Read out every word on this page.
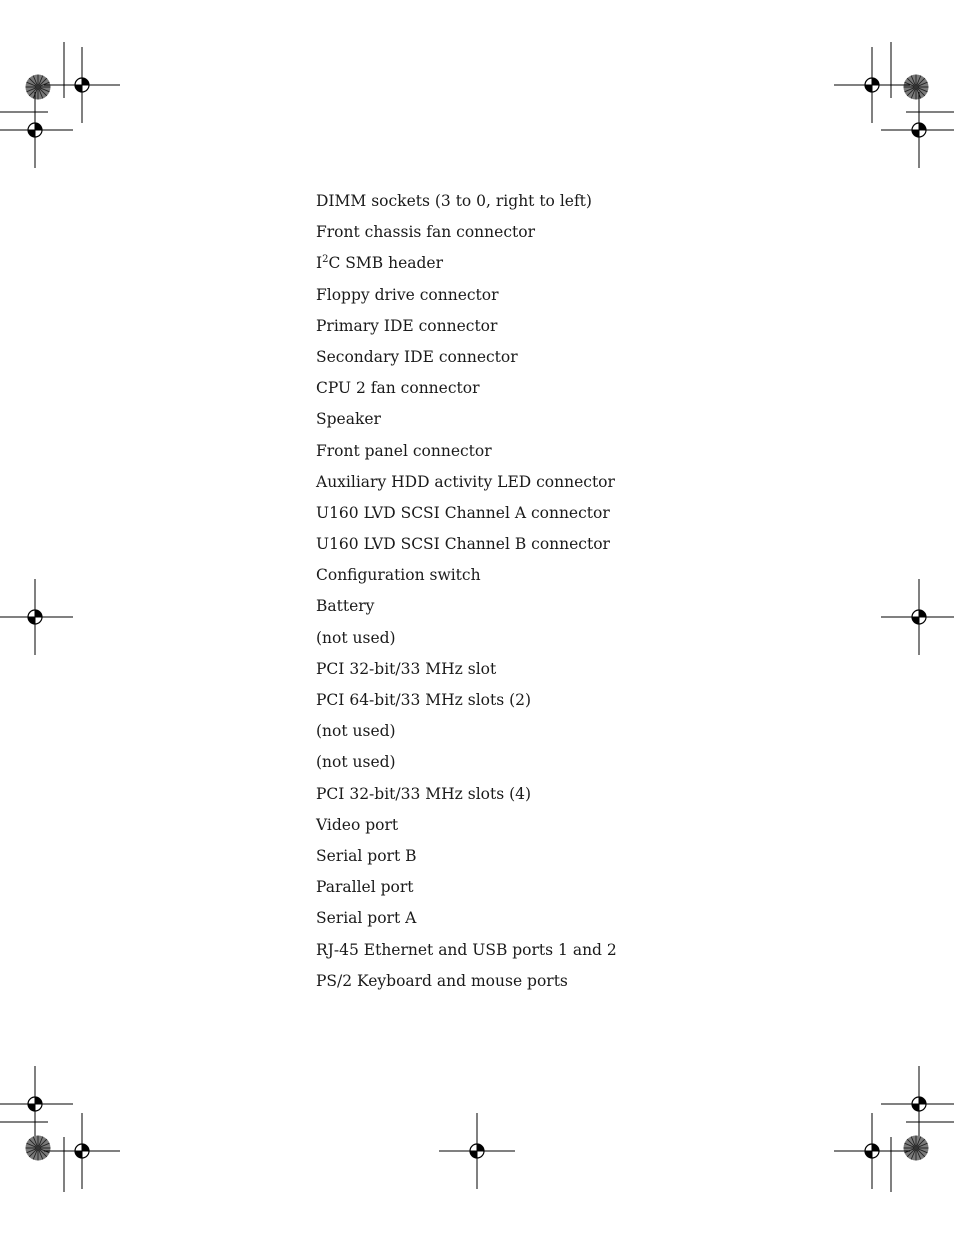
DIMM sockets (3 to 0, right to left)
Front chassis fan connector
$I^2C$ SMB header
Floppy drive connector
Primary IDE connector
Secondary IDE connector
CPU 2 fan connector
Speaker
Front panel connector
Auxiliary HDD activity LED connector
U160 LVD SCSI Channel A connector
U160 LVD SCSI Channel B connector
Configuration switch
Battery
(not used)
PCI 32-bit/33 MHz slot
PCI 64-bit/33 MHz slots (2)
(not used)
(not used)
PCI 32-bit/33 MHz slots (4)
Video port
Serial port B
Parallel port
Serial port A
RJ-45 Ethernet and USB ports 1 and 2
PS/2 Keyboard and mouse ports
